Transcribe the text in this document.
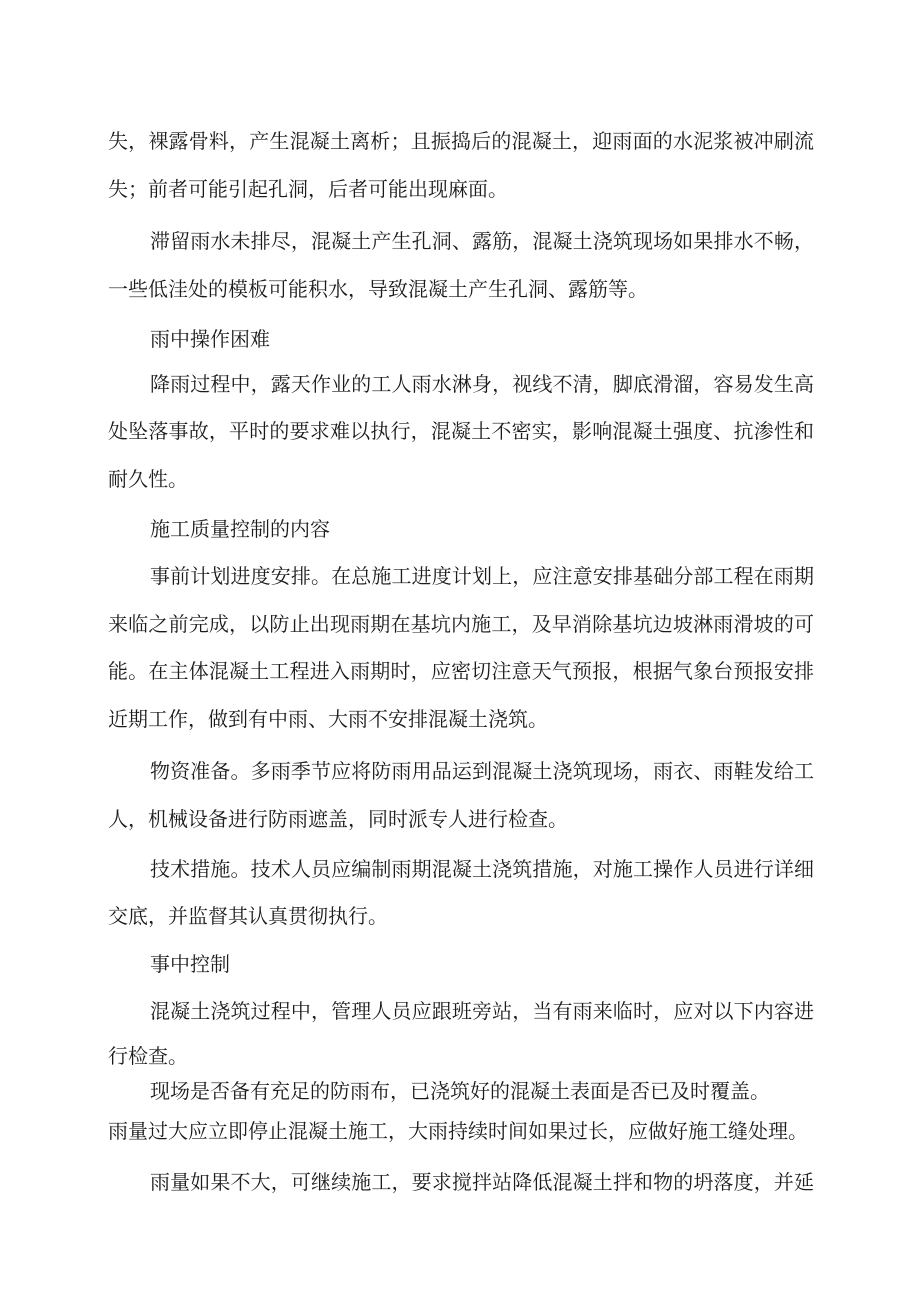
失，裸露骨料，产生混凝土离析；且振捣后的混凝土，迎雨面的水泥浆被冲刷流
失；前者可能引起孔洞，后者可能出现麻面。
滞留雨水未排尽，混凝土产生孔洞、露筋，混凝土浇筑现场如果排水不畅，
一些低洼处的模板可能积水，导致混凝土产生孔洞、露筋等。
雨中操作困难
降雨过程中，露天作业的工人雨水淋身，视线不清，脚底滑溜，容易发生高
处坠落事故，平时的要求难以执行，混凝土不密实，影响混凝土强度、抗渗性和
耐久性。
施工质量控制的内容
事前计划进度安排。在总施工进度计划上，应注意安排基础分部工程在雨期
来临之前完成，以防止出现雨期在基坑内施工，及早消除基坑边坡淋雨滑坡的可
能。在主体混凝土工程进入雨期时，应密切注意天气预报，根据气象台预报安排
近期工作，做到有中雨、大雨不安排混凝土浇筑。
物资准备。多雨季节应将防雨用品运到混凝土浇筑现场，雨衣、雨鞋发给工
人，机械设备进行防雨遮盖，同时派专人进行检查。
技术措施。技术人员应编制雨期混凝土浇筑措施，对施工操作人员进行详细
交底，并监督其认真贯彻执行。
事中控制
混凝土浇筑过程中，管理人员应跟班旁站，当有雨来临时，应对以下内容进
行检查。
现场是否备有充足的防雨布，已浇筑好的混凝土表面是否已及时覆盖。
雨量过大应立即停止混凝土施工，大雨持续时间如果过长，应做好施工缝处理。
雨量如果不大，可继续施工，要求搅拌站降低混凝土拌和物的坍落度，并延
